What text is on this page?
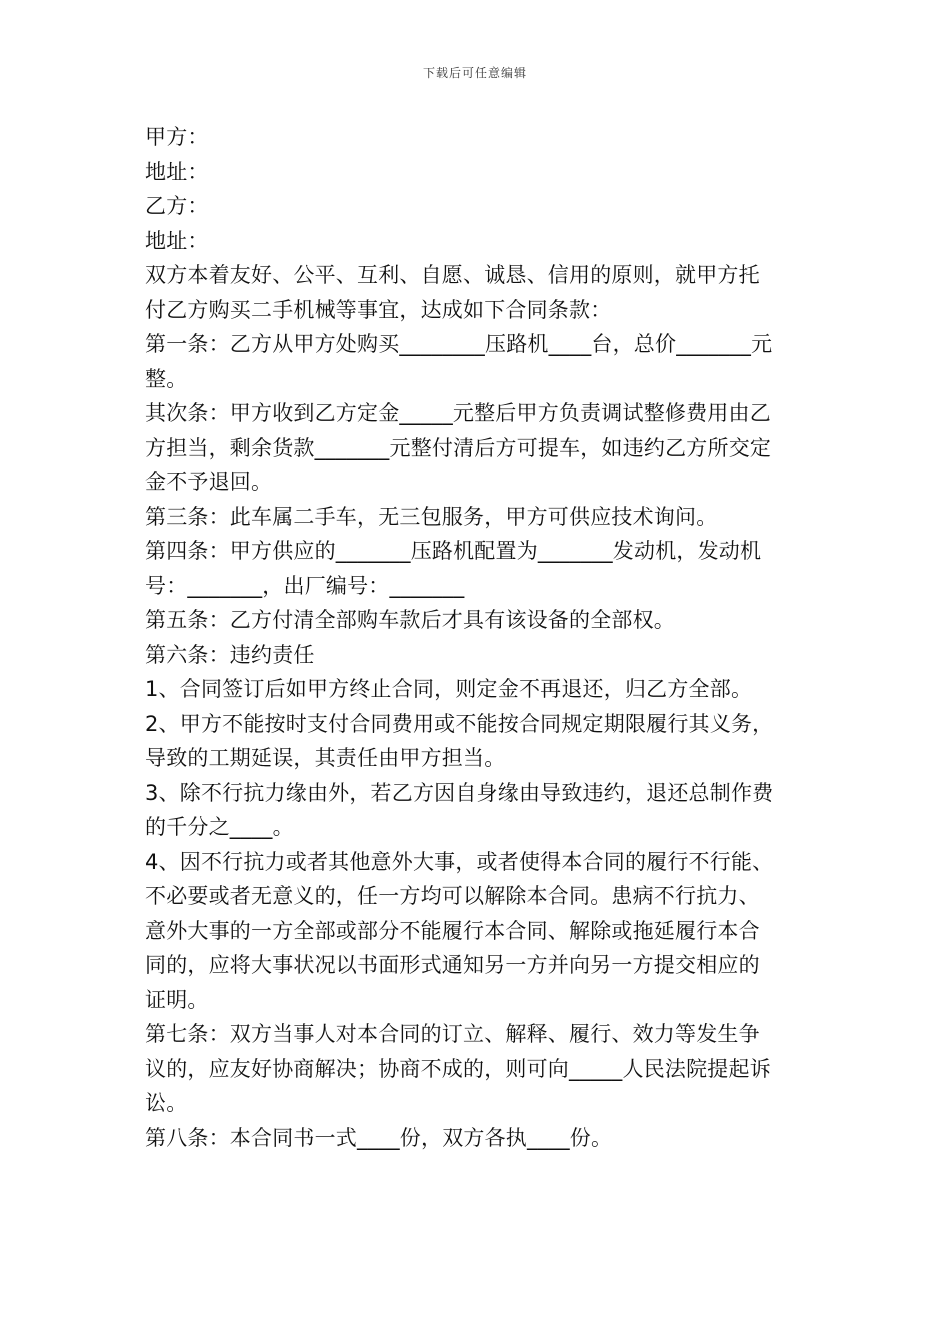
下载后可任意编辑
甲方：
地址：
乙方：
地址：
双方本着友好、公平、互利、自愿、诚恳、信用的原则，就甲方托
付乙方购买二手机械等事宜，达成如下合同条款：
第一条：乙方从甲方处购买________压路机____台，总价_______元
整。
其次条：甲方收到乙方定金_____元整后甲方负责调试整修费用由乙
方担当，剩余货款_______元整付清后方可提车，如违约乙方所交定
金不予退回。
第三条：此车属二手车，无三包服务，甲方可供应技术询问。
第四条：甲方供应的_______压路机配置为_______发动机，发动机
号：_______，出厂编号：_______
第五条：乙方付清全部购车款后才具有该设备的全部权。
第六条：违约责任
1、合同签订后如甲方终止合同，则定金不再退还，归乙方全部。
2、甲方不能按时支付合同费用或不能按合同规定期限履行其义务，
导致的工期延误，其责任由甲方担当。
3、除不行抗力缘由外，若乙方因自身缘由导致违约，退还总制作费
的千分之____。
4、因不行抗力或者其他意外大事，或者使得本合同的履行不行能、
不必要或者无意义的，任一方均可以解除本合同。患病不行抗力、
意外大事的一方全部或部分不能履行本合同、解除或拖延履行本合
同的，应将大事状况以书面形式通知另一方并向另一方提交相应的
证明。
第七条：双方当事人对本合同的订立、解释、履行、效力等发生争
议的，应友好协商解决；协商不成的，则可向_____人民法院提起诉
讼。
第八条：本合同书一式____份，双方各执____份。
